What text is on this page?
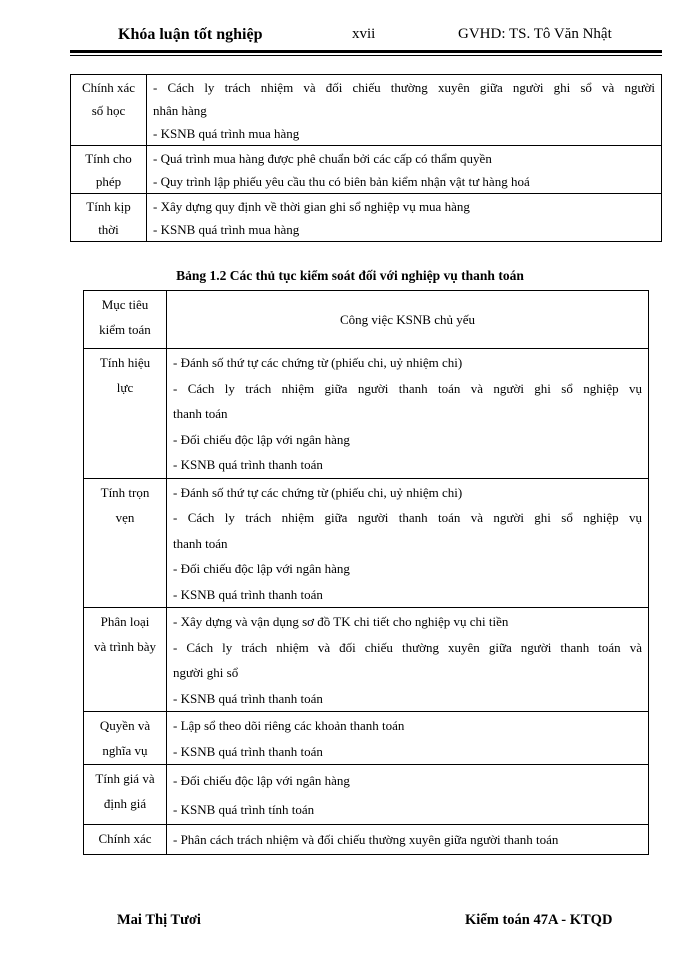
Khóa luận tốt nghiệp	xvii	GVHD: TS. Tô Văn Nhật
Chính xác
số học	- Cách ly trách nhiệm và đối chiếu thường xuyên giữa người ghi sổ và người
nhân hàng
- KSNB quá trình mua hàng

Tính cho
phép	- Quá trình mua hàng được phê chuẩn bởi các cấp có thẩm quyền
- Quy trình lập phiếu yêu cầu thu có biên bản kiểm nhận vật tư hàng hoá

Tính kịp
thời	- Xây dựng quy định về thời gian ghi sổ nghiệp vụ mua hàng
- KSNB quá trình mua hàng
Bảng 1.2 Các thủ tục kiểm soát đối với nghiệp vụ thanh toán
Mục tiêu
kiểm toán	Công việc KSNB chủ yếu

Tính hiệu
lực	- Đánh số thứ tự các chứng từ (phiếu chi, uỷ nhiệm chi)
- Cách ly trách nhiệm giữa người thanh toán và người ghi sổ nghiệp vụ
thanh toán
- Đối chiếu độc lập với ngân hàng
- KSNB quá trình thanh toán

Tính trọn
vẹn	- Đánh số thứ tự các chứng từ (phiếu chi, uỷ nhiệm chi)
- Cách ly trách nhiệm giữa người thanh toán và người ghi sổ nghiệp vụ
thanh toán
- Đối chiếu độc lập với ngân hàng
- KSNB quá trình thanh toán

Phân loại
và trình bày	- Xây dựng và vận dụng sơ đồ TK chi tiết cho nghiệp vụ chi tiền
- Cách ly trách nhiệm và đối chiếu thường xuyên giữa người thanh toán và
người ghi sổ
- KSNB quá trình thanh toán

Quyền và
nghĩa vụ	- Lập sổ theo dõi riêng các khoản thanh toán
- KSNB quá trình thanh toán

Tính giá và
định giá	- Đối chiếu độc lập với ngân hàng
- KSNB quá trình tính toán

Chính xác	- Phân cách trách nhiệm và đối chiếu thường xuyên giữa người thanh toán
Mai Thị Tươi	Kiểm toán 47A - KTQD
